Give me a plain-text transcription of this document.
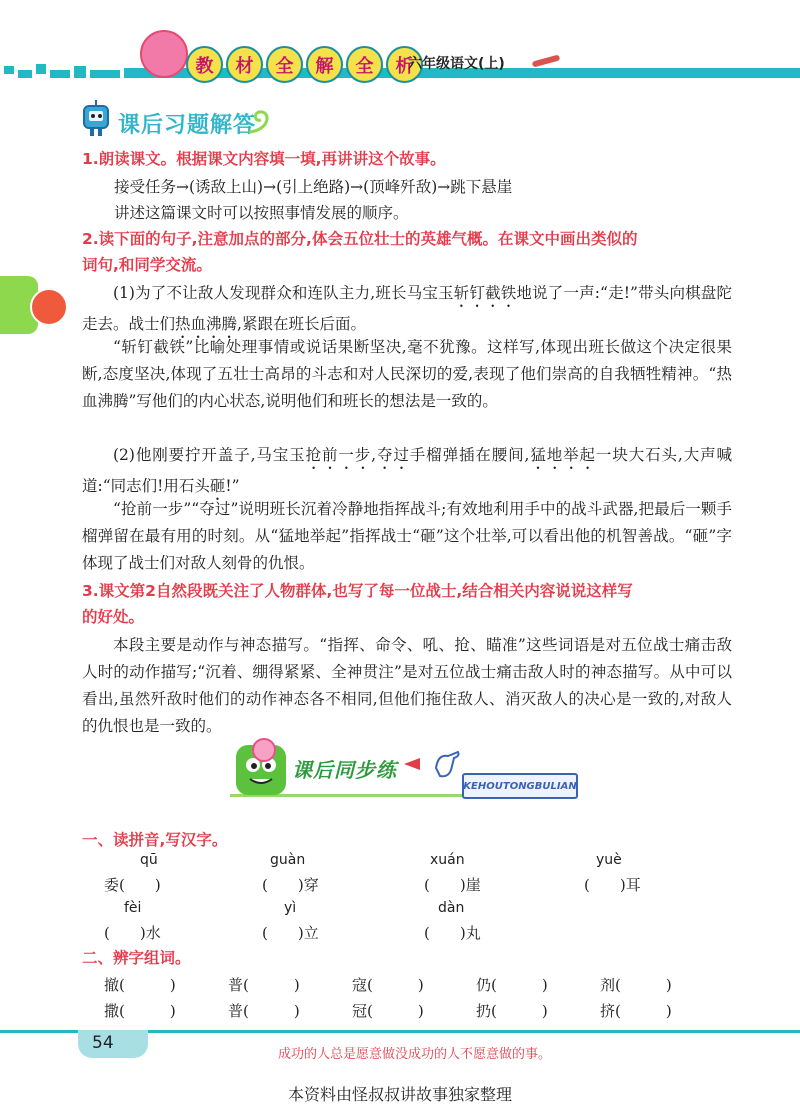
教	材	全	解	全	析
六年级语文(上)
课后习题解答
1.朗读课文。根据课文内容填一填,再讲讲这个故事。
接受任务→(诱敌上山)→(引上绝路)→(顶峰歼敌)→跳下悬崖
讲述这篇课文时可以按照事情发展的顺序。
2.读下面的句子,注意加点的部分,体会五位壮士的英雄气概。在课文中画出类似的
词句,和同学交流。
(1)为了不让敌人发现群众和连队主力,班长马宝玉斩钉截铁地说了一声:“走!”带头向棋盘陀走去。战士们热血沸腾,紧跟在班长后面。
“斩钉截铁”比喻处理事情或说话果断坚决,毫不犹豫。这样写,体现出班长做这个决定很果断,态度坚决,体现了五壮士高昂的斗志和对人民深切的爱,表现了他们崇高的自我牺牲精神。“热血沸腾”写他们的内心状态,说明他们和班长的想法是一致的。
(2)他刚要拧开盖子,马宝玉抢前一步,夺过手榴弹插在腰间,猛地举起一块大石头,大声喊道:“同志们!用石头砸!”
“抢前一步”“夺过”说明班长沉着冷静地指挥战斗;有效地利用手中的战斗武器,把最后一颗手榴弹留在最有用的时刻。从“猛地举起”指挥战士“砸”这个壮举,可以看出他的机智善战。“砸”字体现了战士们对敌人刻骨的仇恨。
3.课文第2自然段既关注了人物群体,也写了每一位战士,结合相关内容说说这样写
的好处。
本段主要是动作与神态描写。“指挥、命令、吼、抢、瞄准”这些词语是对五位战士痛击敌人时的动作描写;“沉着、绷得紧紧、全神贯注”是对五位战士痛击敌人时的神态描写。从中可以看出,虽然歼敌时他们的动作神态各不相同,但他们拖住敌人、消灭敌人的决心是一致的,对敌人的仇恨也是一致的。
课后同步练
KEHOUTONGBULIAN
一、读拼音,写汉字。
qū	guàn	xuán	yuè
委(　　)	(　　)穿	(　　)崖	(　　)耳
fèi	yì	dàn
(　　)水	(　　)立	(　　)丸
二、辨字组词。
撤(　　　)	普(　　　)	寇(　　　)	仍(　　　)	剂(　　　)
撒(　　　)	普(　　　)	冠(　　　)	扔(　　　)	挤(　　　)
54
成功的人总是愿意做没成功的人不愿意做的事。
本资料由怪叔叔讲故事独家整理
